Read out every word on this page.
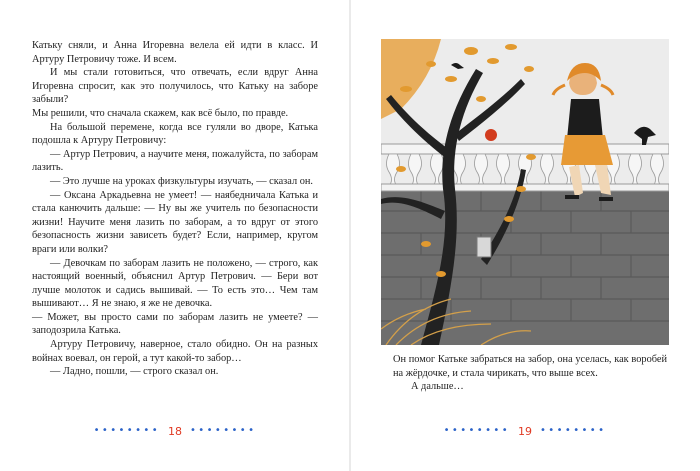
Катьку сняли, и Анна Игоревна велела ей идти в класс. И Артуру Петровичу тоже. И всем.

И мы стали готовиться, что отвечать, если вдруг Анна Игоревна спросит, как это получилось, что Катьку на заборе забыли?

Мы решили, что сначала скажем, как всё было, по правде.

На большой перемене, когда все гуляли во дворе, Катька подошла к Артуру Петровичу:

— Артур Петрович, а научите меня, пожалуйста, по заборам лазить.

— Это лучше на уроках физкультуры изучать, — сказал он.

— Оксана Аркадьевна не умеет! — наябедничала Катька и стала канючить дальше: — Ну вы же учитель по безопасности жизни! Научите меня лазить по заборам, а то вдруг от этого безопасность жизни зависеть будет? Если, например, кругом враги или волки?

— Девочкам по заборам лазить не положено, — строго, как настоящий военный, объяснил Артур Петрович. — Бери вот лучше молоток и садись вышивай. — То есть это… Чем там вышивают… Я не знаю, я же не девочка.

— Может, вы просто сами по заборам лазить не умеете? — заподозрила Катька.

Артуру Петровичу, наверное, стало обидно. Он на разных войнах воевал, он герой, а тут какой-то забор…

— Ладно, пошли, — строго сказал он.

•••••••• 18 ••••••••

Он помог Катьке забраться на забор, она уселась, как воробей на жёрдочке, и стала чирикать, что выше всех.

А дальше…

•••••••• 19 ••••••••
